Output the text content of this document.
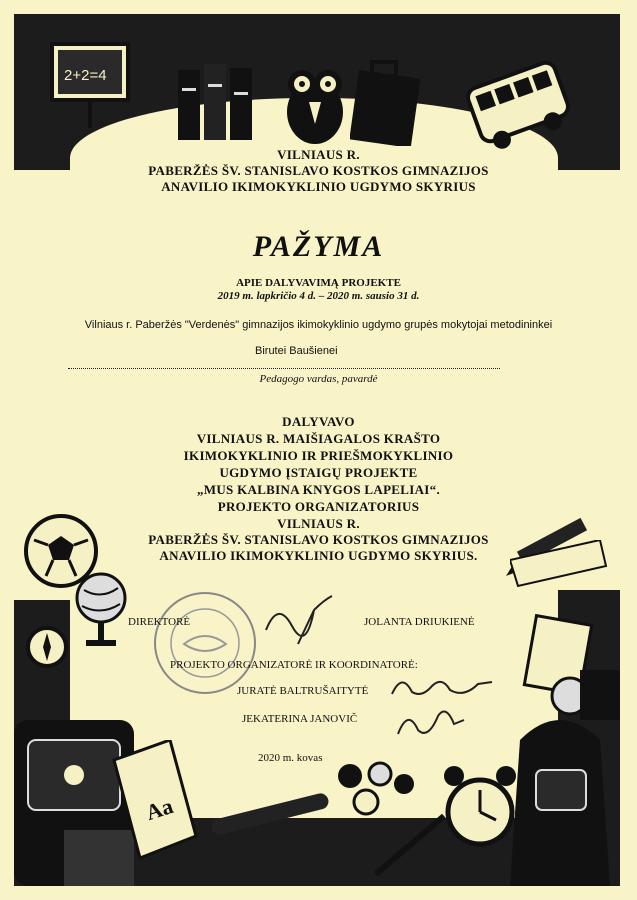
2+2=4
Aa
VILNIAUS R.
PABERŽĖS ŠV. STANISLAVO KOSTKOS GIMNAZIJOS
ANAVILIO IKIMOKYKLINIO UGDYMO SKYRIUS
PAŽYMA
APIE DALYVAVIMĄ PROJEKTE
2019 m. lapkričio 4 d. – 2020 m. sausio 31 d.
Vilniaus r. Paberžės "Verdenės" gimnazijos ikimokyklinio ugdymo grupės mokytojai metodininkei
Birutei Baušienei
Pedagogo vardas, pavardė
DALYVAVO
VILNIAUS R. MAIŠIAGALOS KRAŠTO
IKIMOKYKLINIO IR PRIEŠMOKYKLINIO
UGDYMO ĮSTAIGŲ PROJEKTE
„MUS KALBINA KNYGOS LAPELIAI“.
PROJEKTO ORGANIZATORIUS
VILNIAUS R.
PABERŽĖS ŠV. STANISLAVO KOSTKOS GIMNAZIJOS
ANAVILIO IKIMOKYKLINIO UGDYMO SKYRIUS.
DIREKTORĖ	JOLANTA DRIUKIENĖ
PROJEKTO ORGANIZATORĖ IR KOORDINATORĖ:
JURATĖ BALTRUŠAITYTĖ
JEKATERINA JANOVIČ
2020 m. kovas
